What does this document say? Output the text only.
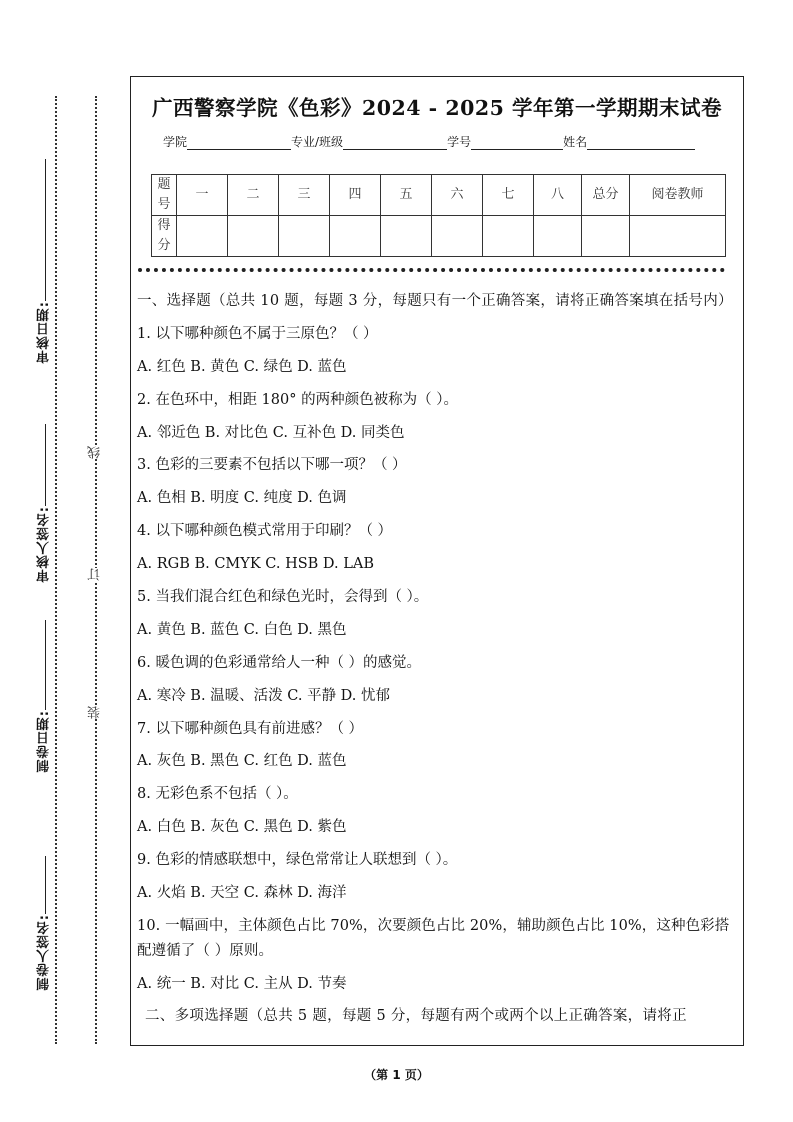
审核日期:
审核人签名:
制卷日期:
制卷人签名:
线
订
装
广西警察学院《色彩》2024 - 2025 学年第一学期期末试卷
学院	专业/班级	学号	姓名
题号	一	二	三	四	五	六	七	八	总分	阅卷教师
得分										

一、选择题（总共 10 题，每题 3 分，每题只有一个正确答案，请将正确答案填在括号内）

1. 以下哪种颜色不属于三原色？（ ）

A. 红色 B. 黄色 C. 绿色 D. 蓝色

2. 在色环中，相距 180° 的两种颜色被称为（ ）。

A. 邻近色 B. 对比色 C. 互补色 D. 同类色

3. 色彩的三要素不包括以下哪一项？（ ）

A. 色相 B. 明度 C. 纯度 D. 色调

4. 以下哪种颜色模式常用于印刷？（ ）

A. RGB B. CMYK C. HSB D. LAB

5. 当我们混合红色和绿色光时，会得到（ ）。

A. 黄色 B. 蓝色 C. 白色 D. 黑色

6. 暖色调的色彩通常给人一种（ ）的感觉。

A. 寒冷 B. 温暖、活泼 C. 平静 D. 忧郁

7. 以下哪种颜色具有前进感？（ ）

A. 灰色 B. 黑色 C. 红色 D. 蓝色

8. 无彩色系不包括（ ）。

A. 白色 B. 灰色 C. 黑色 D. 紫色

9. 色彩的情感联想中，绿色常常让人联想到（ ）。

A. 火焰 B. 天空 C. 森林 D. 海洋

10. 一幅画中，主体颜色占比 70%，次要颜色占比 20%，辅助颜色占比 10%，这种色彩搭配遵循了（ ）原则。

A. 统一 B. 对比 C. 主从 D. 节奏

二、多项选择题（总共 5 题，每题 5 分，每题有两个或两个以上正确答案，请将正

（第 1 页）
